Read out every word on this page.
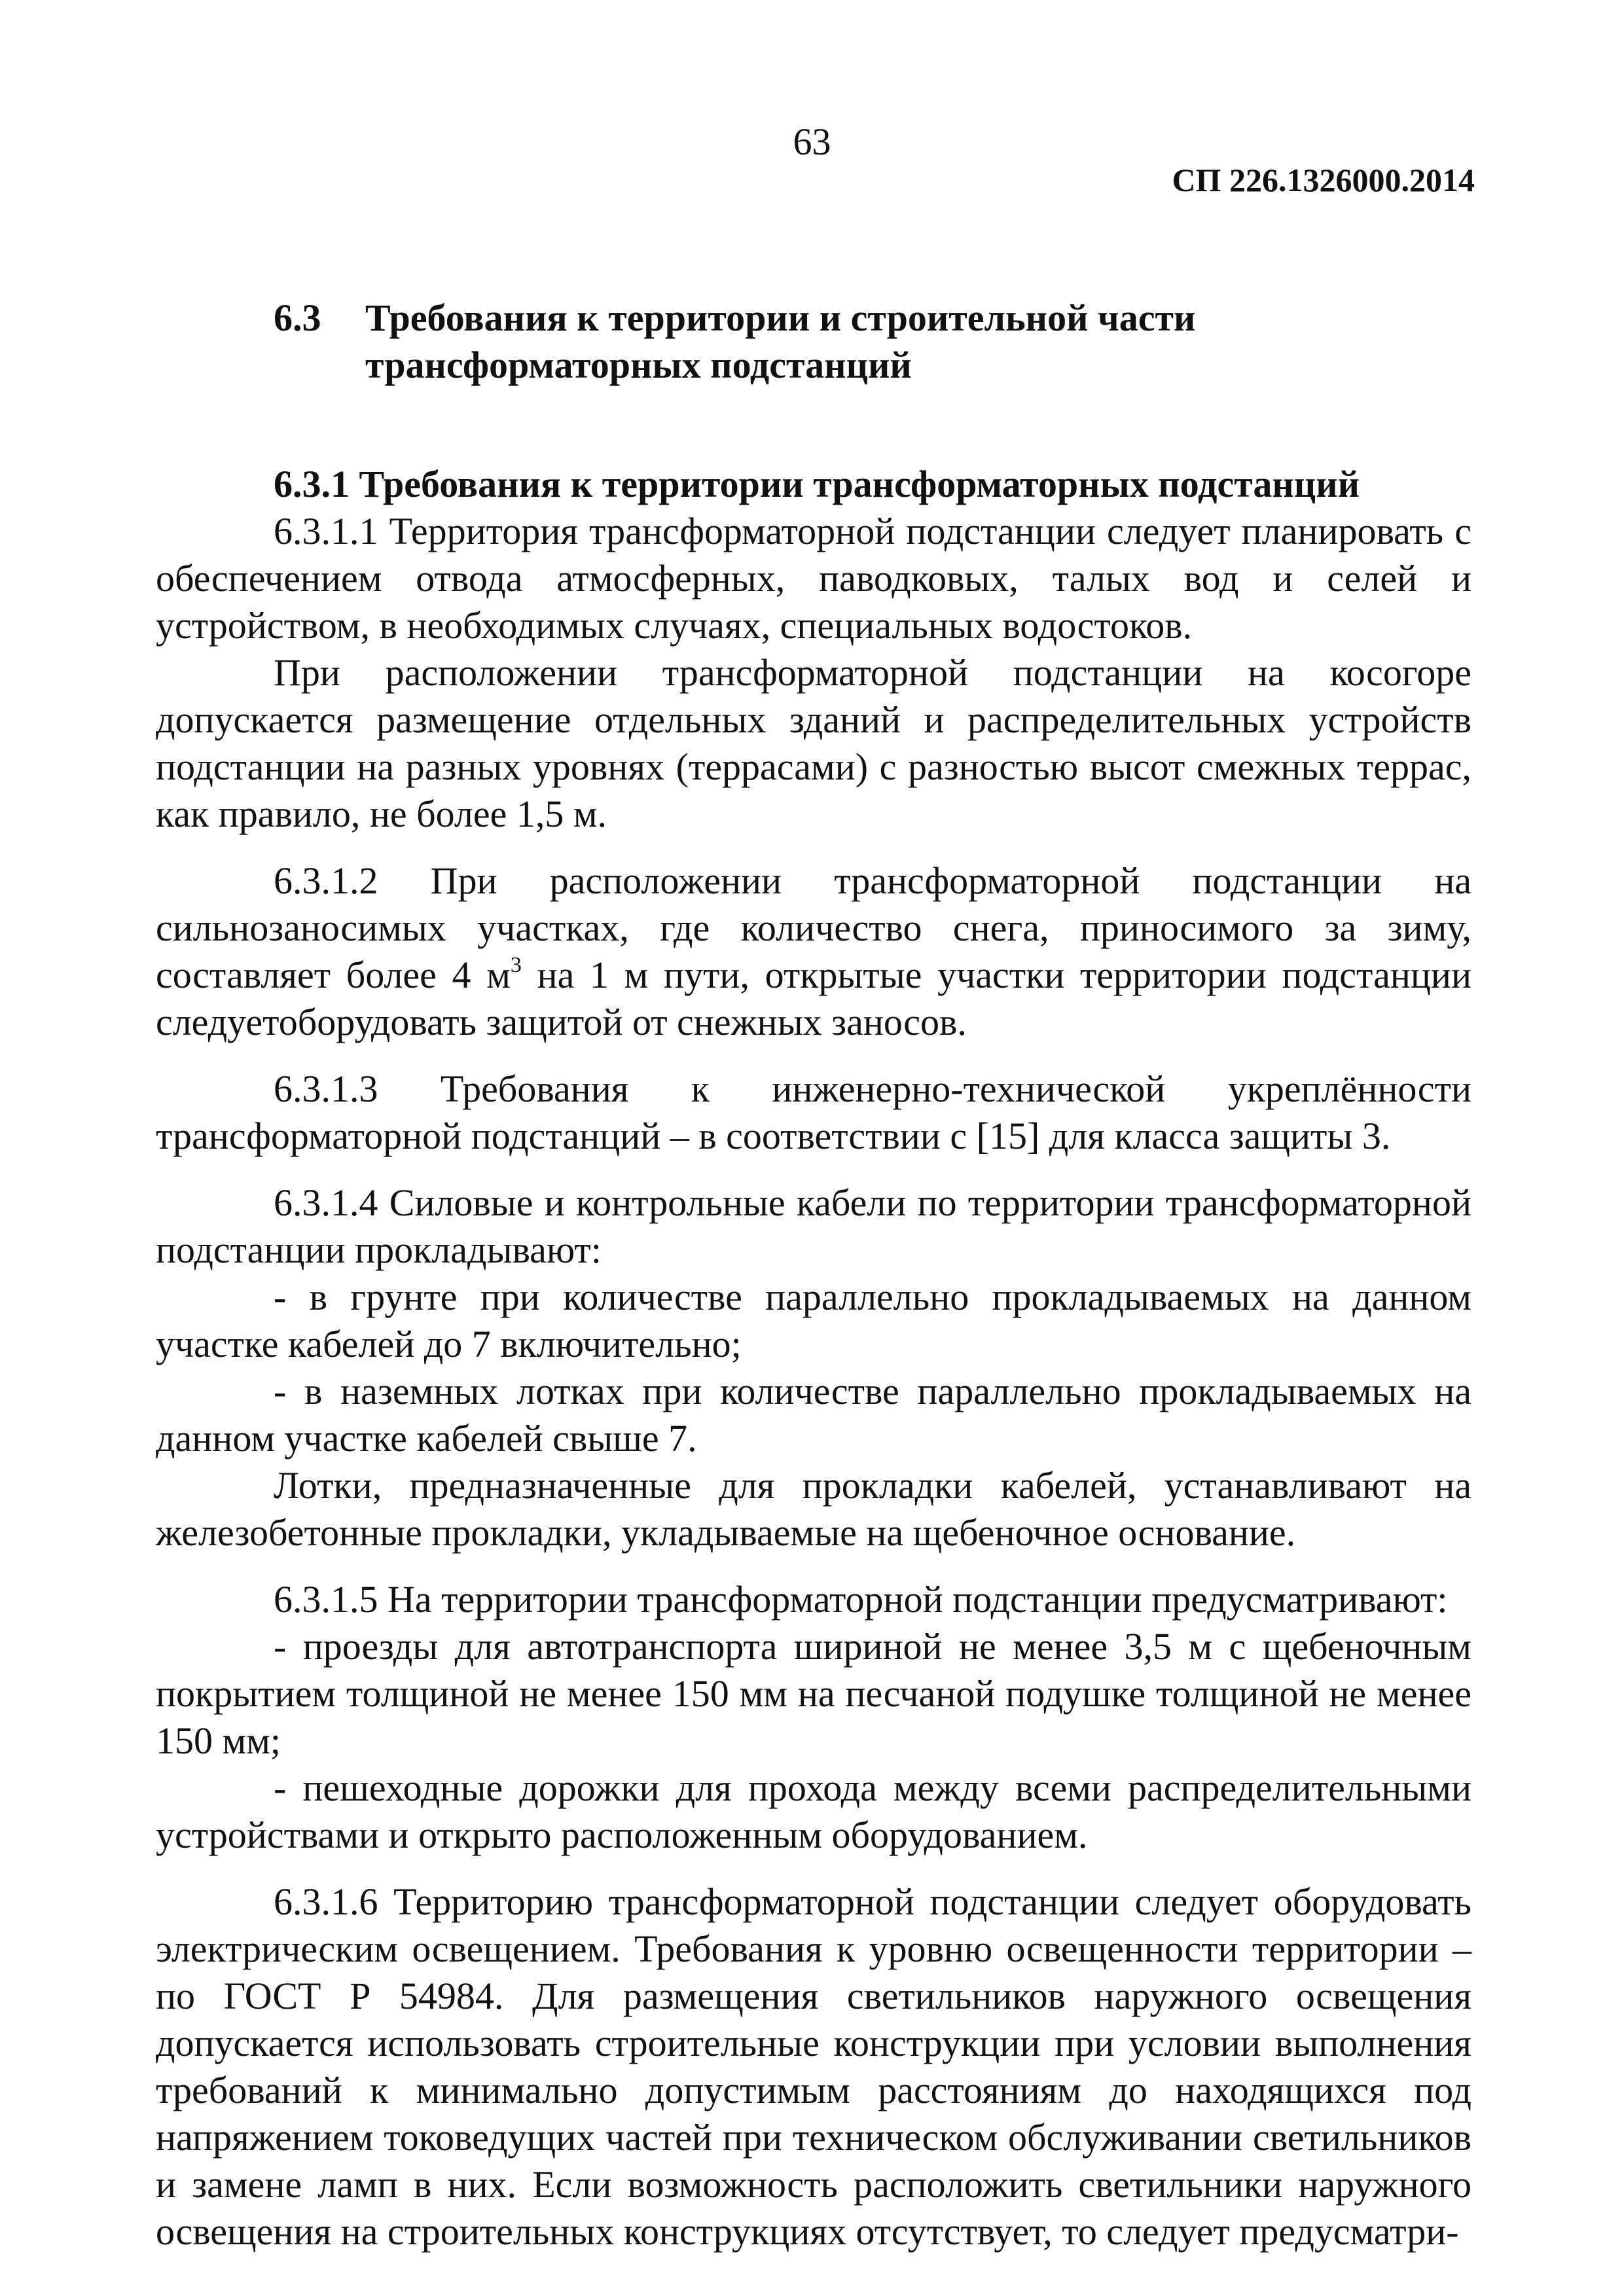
63
СП 226.1326000.2014
6.3	Требования к территории и строительной части трансформаторных подстанций
6.3.1 Требования к территории трансформаторных подстанций

6.3.1.1 Территория трансформаторной подстанции следует планировать с обеспечением отвода атмосферных, паводковых, талых вод и селей и устройством, в необходимых случаях, специальных водостоков.

При расположении трансформаторной подстанции на косогоре допускается размещение отдельных зданий и распределительных устройств подстанции на разных уровнях (террасами) с разностью высот смежных террас, как правило, не более 1,5 м.

6.3.1.2 При расположении трансформаторной подстанции на сильнозаносимых участках, где количество снега, приносимого за зиму, составляет более 4 $м^3$ на 1 м пути, открытые участки территории подстанции следуетоборудовать защитой от снежных заносов.

6.3.1.3 Требования к инженерно-технической укреплённости трансформаторной подстанций – в соответствии с [15] для класса защиты 3.

6.3.1.4 Силовые и контрольные кабели по территории трансформаторной подстанции прокладывают:

- в грунте при количестве параллельно прокладываемых на данном участке кабелей до 7 включительно;

- в наземных лотках при количестве параллельно прокладываемых на данном участке кабелей свыше 7.

Лотки, предназначенные для прокладки кабелей, устанавливают на железобетонные прокладки, укладываемые на щебеночное основание.

6.3.1.5 На территории трансформаторной подстанции предусматривают:

- проезды для автотранспорта шириной не менее 3,5 м с щебеночным покрытием толщиной не менее 150 мм на песчаной подушке толщиной не менее 150 мм;

- пешеходные дорожки для прохода между всеми распределительными устройствами и открыто расположенным оборудованием.

6.3.1.6 Территорию трансформаторной подстанции следует оборудовать электрическим освещением. Требования к уровню освещенности территории – по ГОСТ Р 54984. Для размещения светильников наружного освещения допускается использовать строительные конструкции при условии выполнения требований к минимально допустимым расстояниям до находящихся под напряжением токоведущих частей при техническом обслуживании светильников и замене ламп в них. Если возможность расположить светильники наружного освещения на строительных конструкциях отсутствует, то следует предусматри-
